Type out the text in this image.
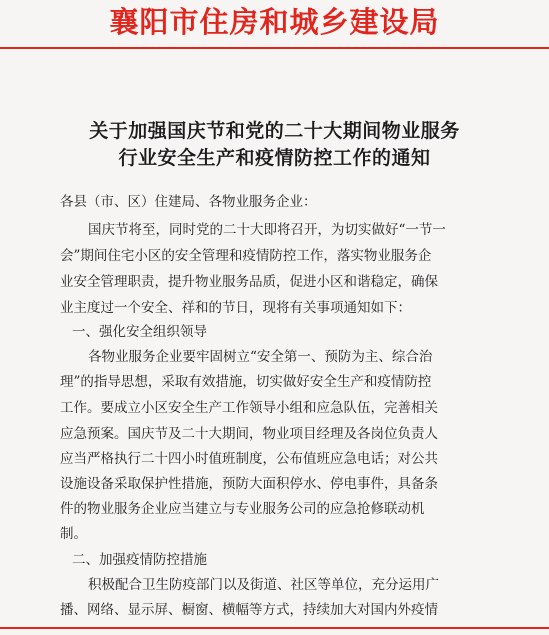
襄阳市住房和城乡建设局
关于加强国庆节和党的二十大期间物业服务
行业安全生产和疫情防控工作的通知
各县（市、区）住建局、各物业服务企业：
国庆节将至，同时党的二十大即将召开，为切实做好“一节一
会”期间住宅小区的安全管理和疫情防控工作，落实物业服务企
业安全管理职责，提升物业服务品质，促进小区和谐稳定，确保
业主度过一个安全、祥和的节日，现将有关事项通知如下：
一、强化安全组织领导
各物业服务企业要牢固树立“安全第一、预防为主、综合治
理”的指导思想，采取有效措施，切实做好安全生产和疫情防控
工作。要成立小区安全生产工作领导小组和应急队伍，完善相关
应急预案。国庆节及二十大期间，物业项目经理及各岗位负责人
应当严格执行二十四小时值班制度，公布值班应急电话；对公共
设施设备采取保护性措施，预防大面积停水、停电事件，具备条
件的物业服务企业应当建立与专业服务公司的应急抢修联动机
制。
二、加强疫情防控措施
积极配合卫生防疫部门以及街道、社区等单位，充分运用广
播、网络、显示屏、橱窗、横幅等方式，持续加大对国内外疫情
